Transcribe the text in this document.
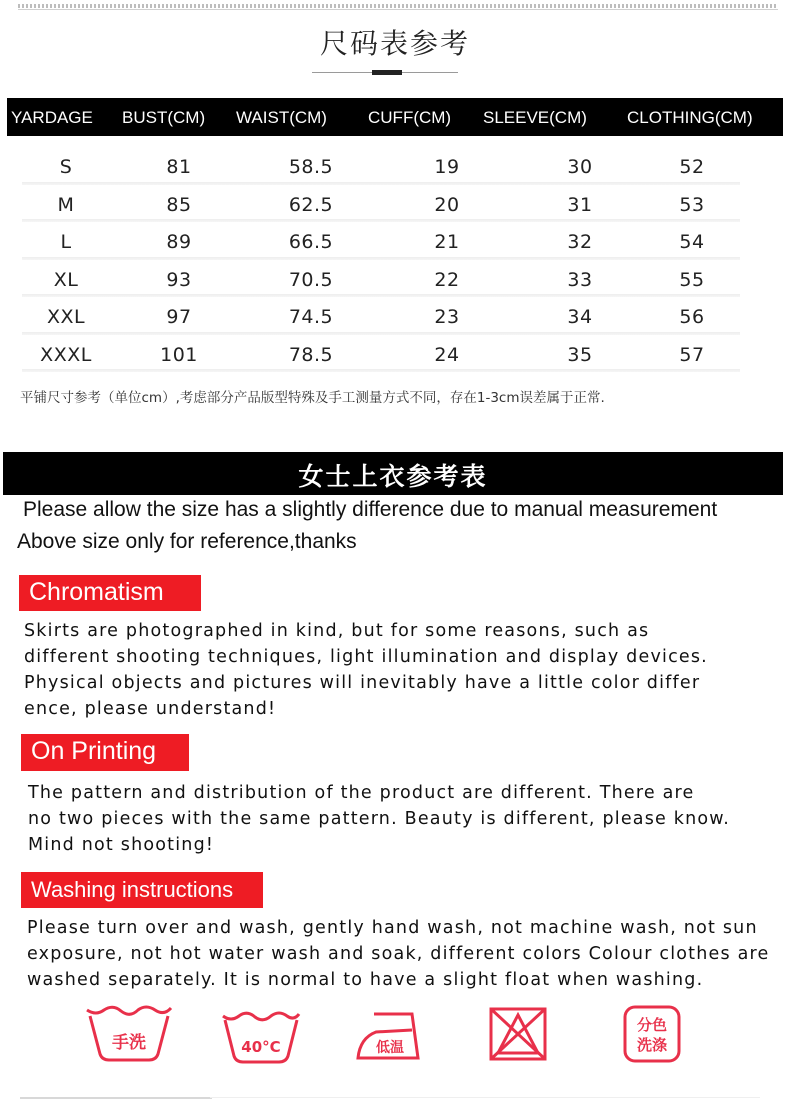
尺码表参考
YARDAGE BUST(CM) WAIST(CM) CUFF(CM) SLEEVE(CM) CLOTHING(CM)
S	81	58.5	19	30	52
M	85	62.5	20	31	53
L	89	66.5	21	32	54
XL	93	70.5	22	33	55
XXL	97	74.5	23	34	56
XXXL	101	78.5	24	35	57
平铺尺寸参考（单位cm）,考虑部分产品版型特殊及手工测量方式不同，存在1-3cm误差属于正常.
女士上衣参考表
Please allow the size has a slightly difference due to manual measurement
Above size only for reference,thanks
Chromatism
Skirts are photographed in kind, but for some reasons, such as
different shooting techniques, light illumination and display devices.
Physical objects and pictures will inevitably have a little color differ
ence, please understand!
On Printing
The pattern and distribution of the product are different. There are
no two pieces with the same pattern. Beauty is different, please know.
Mind not shooting!
Washing instructions
Please turn over and wash, gently hand wash, not machine wash, not sun
exposure, not hot water wash and soak, different colors Colour clothes are
washed separately. It is normal to have a slight float when washing.
手洗	40°C	低温
分色
洗涤
